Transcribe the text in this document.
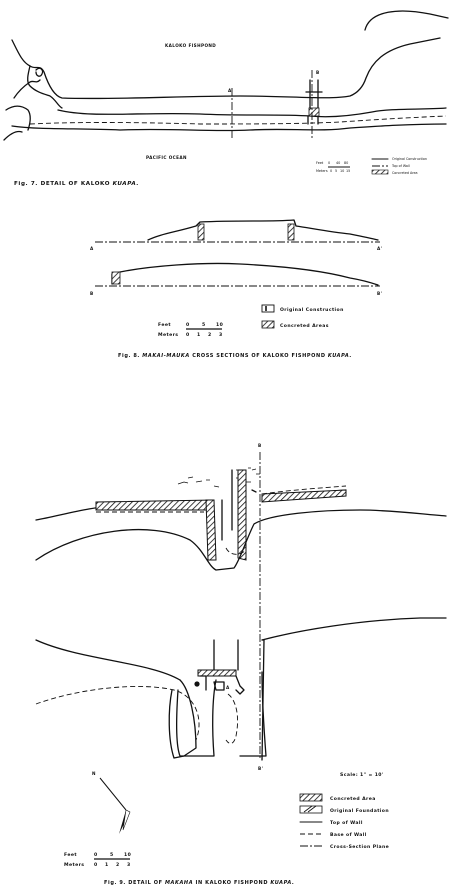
A
B
KALOKO FISHPOND
PACIFIC OCEAN
Feet 0 40 80
Meters 0 5 10 15
Original Construction
Top of Wall
Concreted Area
Fig. 7. DETAIL OF KALOKO KUAPA.
A	A'
B	B'
Original Construction
Concreted Areas
Feet	0	5 10
Meters 0 1 2 3
Fig. 8. MAKAI-MAUKA CROSS SECTIONS OF KALOKO FISHPOND KUAPA.
B
B'
A
N	Scale: 1" = 10'
Concreted Area
Original Foundation
Top of Wall
Base of Wall
Cross-Section Plane
Feet	0	5 10
Meters 0 1 2 3
Fig. 9. DETAIL OF MAKAHA IN KALOKO FISHPOND KUAPA.
